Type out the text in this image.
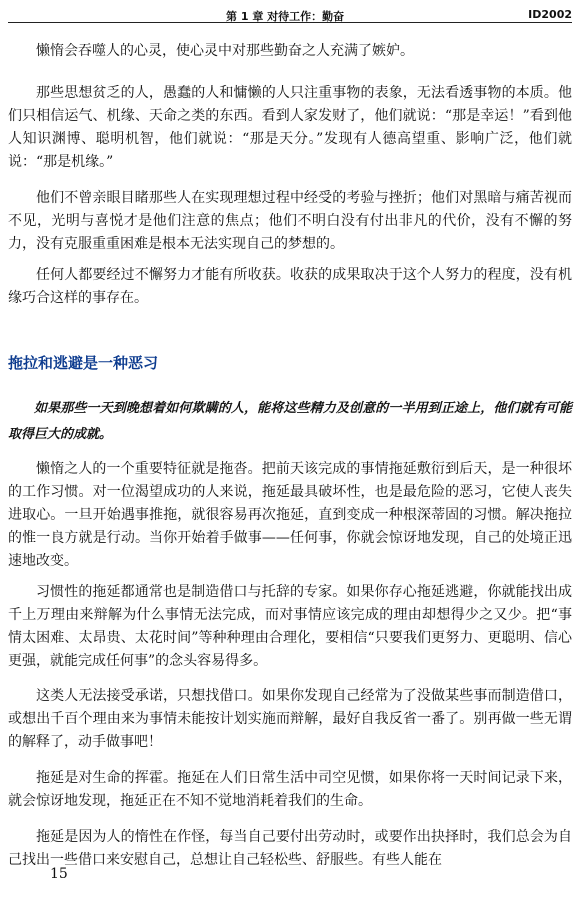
第 1 章 对待工作：勤奋	ID2002

懒惰会吞噬人的心灵，使心灵中对那些勤奋之人充满了嫉妒。

那些思想贫乏的人，愚蠢的人和慵懒的人只注重事物的表象，无法看透事物的本质。他们只相信运气、机缘、天命之类的东西。看到人家发财了，他们就说：“那是幸运！”看到他人知识渊博、聪明机智，他们就说：“那是天分。”发现有人德高望重、影响广泛，他们就说：“那是机缘。”

他们不曾亲眼目睹那些人在实现理想过程中经受的考验与挫折；他们对黑暗与痛苦视而不见，光明与喜悦才是他们注意的焦点；他们不明白没有付出非凡的代价，没有不懈的努力，没有克服重重困难是根本无法实现自己的梦想的。

任何人都要经过不懈努力才能有所收获。收获的成果取决于这个人努力的程度，没有机缘巧合这样的事存在。

拖拉和逃避是一种恶习

如果那些一天到晚想着如何欺瞒的人，能将这些精力及创意的一半用到正途上，他们就有可能取得巨大的成就。

懒惰之人的一个重要特征就是拖沓。把前天该完成的事情拖延敷衍到后天，是一种很坏的工作习惯。对一位渴望成功的人来说，拖延最具破坏性，也是最危险的恶习，它使人丧失进取心。一旦开始遇事推拖，就很容易再次拖延，直到变成一种根深蒂固的习惯。解决拖拉的惟一良方就是行动。当你开始着手做事——任何事，你就会惊讶地发现，自己的处境正迅速地改变。

习惯性的拖延都通常也是制造借口与托辞的专家。如果你存心拖延逃避，你就能找出成千上万理由来辩解为什么事情无法完成，而对事情应该完成的理由却想得少之又少。把“事情太困难、太昂贵、太花时间”等种种理由合理化，要相信“只要我们更努力、更聪明、信心更强，就能完成任何事”的念头容易得多。

这类人无法接受承诺，只想找借口。如果你发现自己经常为了没做某些事而制造借口，或想出千百个理由来为事情未能按计划实施而辩解，最好自我反省一番了。别再做一些无谓的解释了，动手做事吧！

拖延是对生命的挥霍。拖延在人们日常生活中司空见惯，如果你将一天时间记录下来，就会惊讶地发现，拖延正在不知不觉地消耗着我们的生命。

拖延是因为人的惰性在作怪，每当自己要付出劳动时，或要作出抉择时，我们总会为自己找出一些借口来安慰自己，总想让自己轻松些、舒服些。有些人能在

15
